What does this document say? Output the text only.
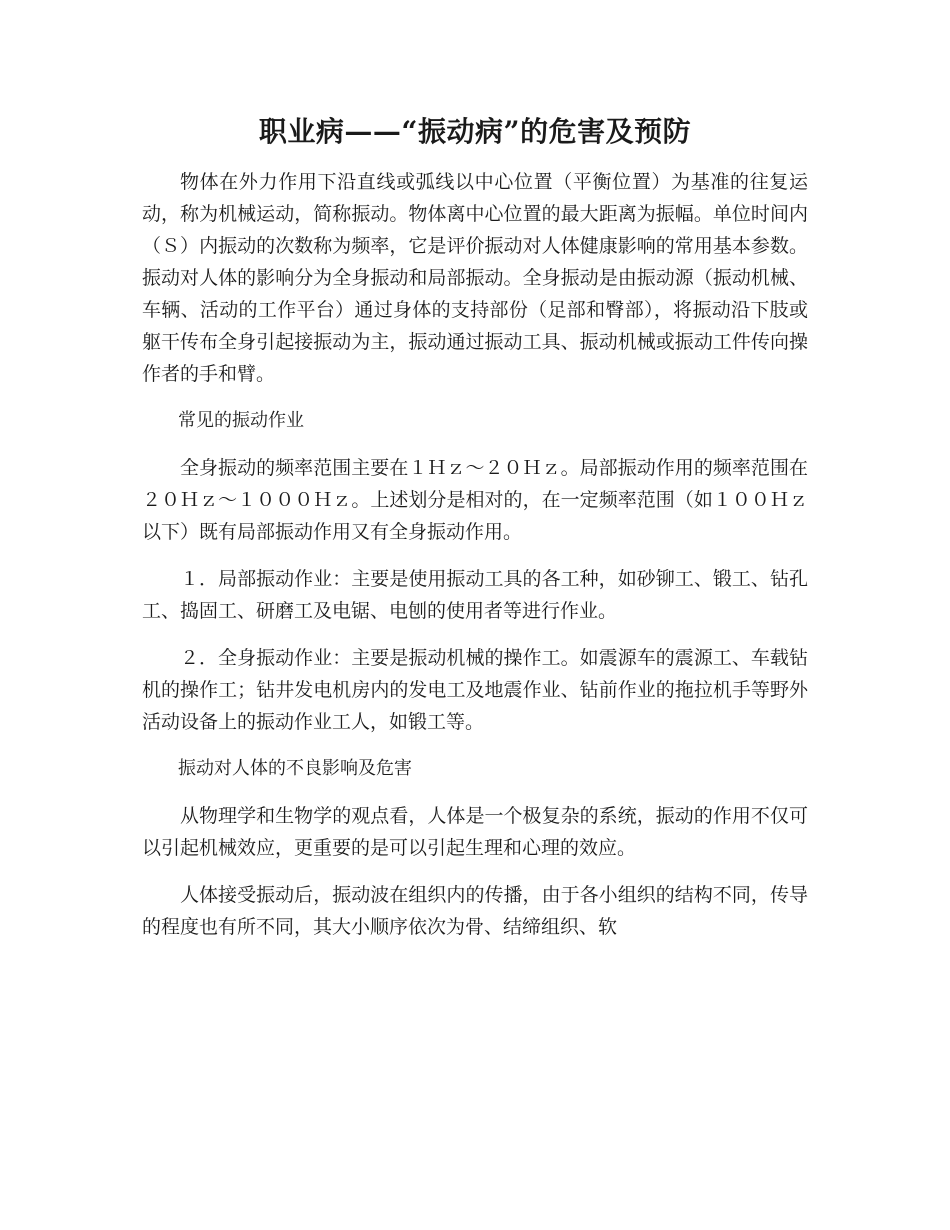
职业病——“振动病”的危害及预防

物体在外力作用下沿直线或弧线以中心位置（平衡位置）为基准的往复运动，称为机械运动，简称振动。物体离中心位置的最大距离为振幅。单位时间内（Ｓ）内振动的次数称为频率，它是评价振动对人体健康影响的常用基本参数。振动对人体的影响分为全身振动和局部振动。全身振动是由振动源（振动机械、车辆、活动的工作平台）通过身体的支持部份（足部和臀部），将振动沿下肢或躯干传布全身引起接振动为主，振动通过振动工具、振动机械或振动工件传向操作者的手和臂。

常见的振动作业

全身振动的频率范围主要在１Ｈｚ～２０Ｈｚ。局部振动作用的频率范围在２０Ｈｚ～１０００Ｈｚ。上述划分是相对的，在一定频率范围（如１００Ｈｚ以下）既有局部振动作用又有全身振动作用。

１．局部振动作业：主要是使用振动工具的各工种，如砂铆工、锻工、钻孔工、捣固工、研磨工及电锯、电刨的使用者等进行作业。

２．全身振动作业：主要是振动机械的操作工。如震源车的震源工、车载钻机的操作工；钻井发电机房内的发电工及地震作业、钻前作业的拖拉机手等野外活动设备上的振动作业工人，如锻工等。

振动对人体的不良影响及危害

从物理学和生物学的观点看，人体是一个极复杂的系统，振动的作用不仅可以引起机械效应，更重要的是可以引起生理和心理的效应。

人体接受振动后，振动波在组织内的传播，由于各小组织的结构不同，传导的程度也有所不同，其大小顺序依次为骨、结缔组织、软
